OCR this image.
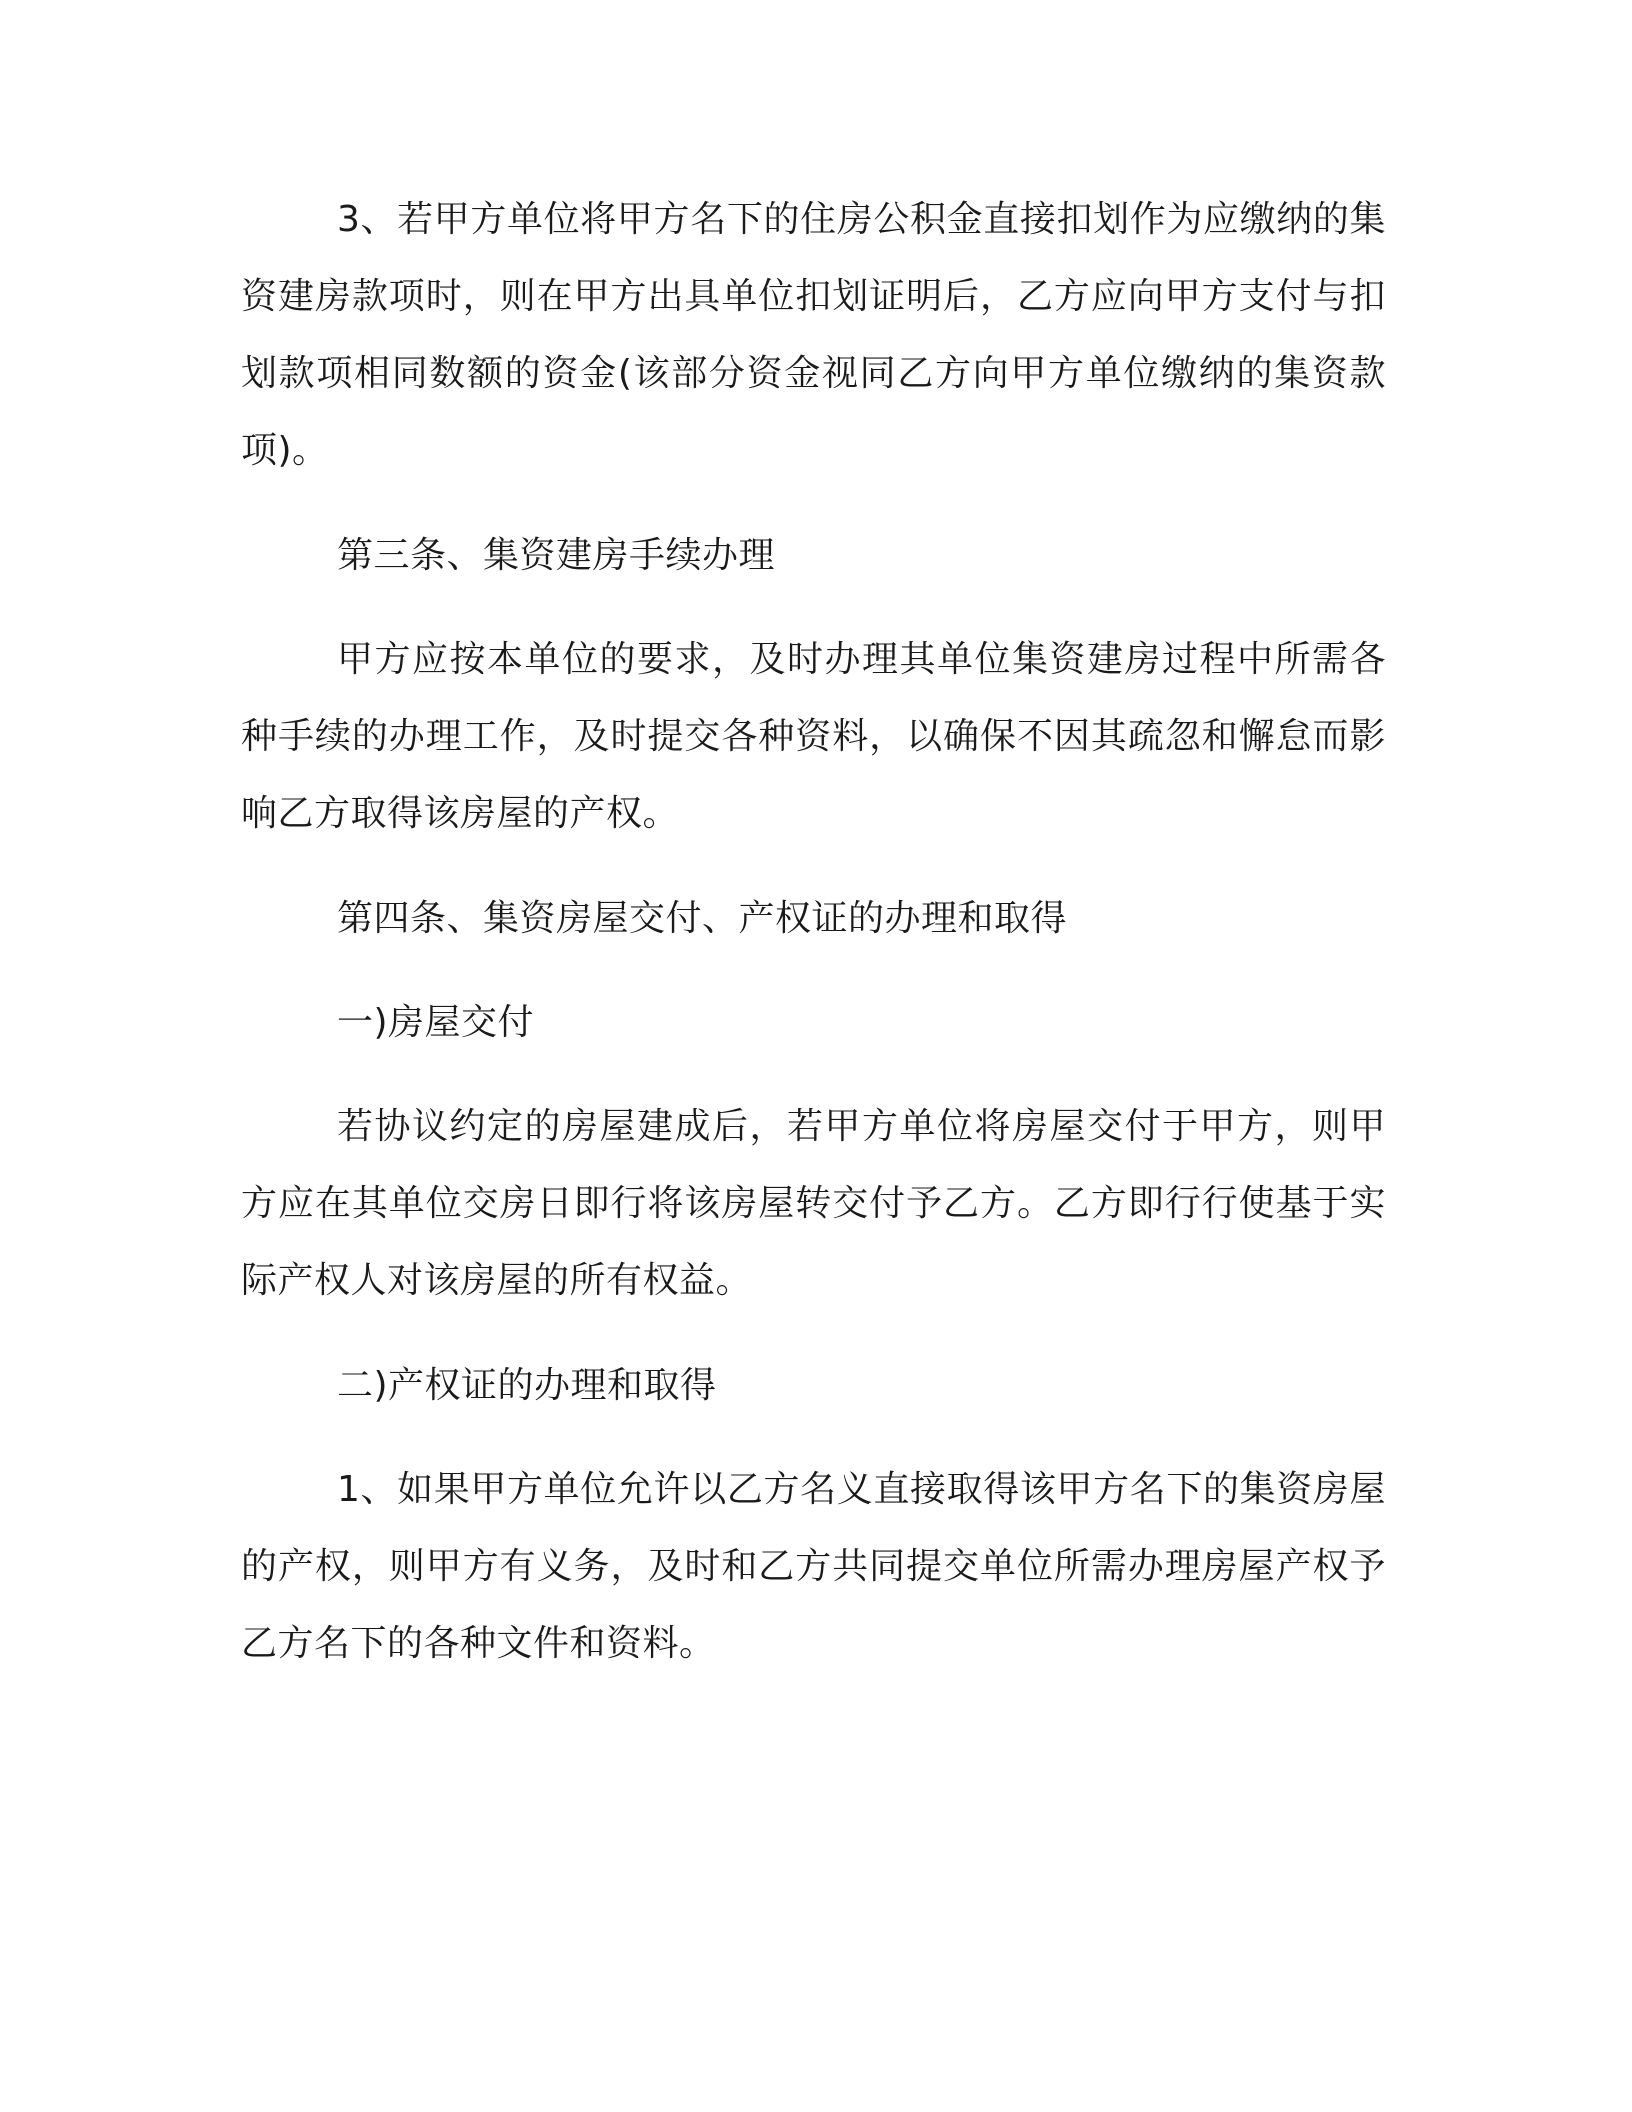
3、若甲方单位将甲方名下的住房公积金直接扣划作为应缴纳的集资建房款项时，则在甲方出具单位扣划证明后，乙方应向甲方支付与扣划款项相同数额的资金(该部分资金视同乙方向甲方单位缴纳的集资款项)。

第三条、集资建房手续办理

甲方应按本单位的要求，及时办理其单位集资建房过程中所需各种手续的办理工作，及时提交各种资料，以确保不因其疏忽和懈怠而影响乙方取得该房屋的产权。

第四条、集资房屋交付、产权证的办理和取得

一)房屋交付

若协议约定的房屋建成后，若甲方单位将房屋交付于甲方，则甲方应在其单位交房日即行将该房屋转交付予乙方。乙方即行行使基于实际产权人对该房屋的所有权益。

二)产权证的办理和取得

1、如果甲方单位允许以乙方名义直接取得该甲方名下的集资房屋的产权，则甲方有义务，及时和乙方共同提交单位所需办理房屋产权予乙方名下的各种文件和资料。
